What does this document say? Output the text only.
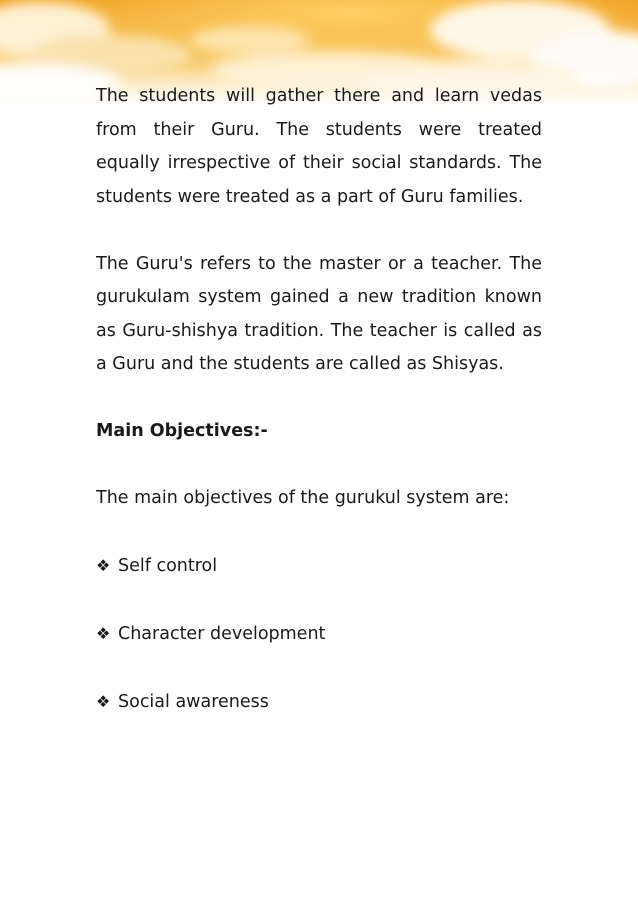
The students will gather there and learn vedas from their Guru. The students were treated equally irrespective of their social standards. The students were treated as a part of Guru families.

The Guru's refers to the master or a teacher. The gurukulam system gained a new tradition known as Guru-shishya tradition. The teacher is called as a Guru and the students are called as Shisyas.

Main Objectives:-

The main objectives of the gurukul system are:

❖ Self control

❖ Character development

❖ Social awareness
